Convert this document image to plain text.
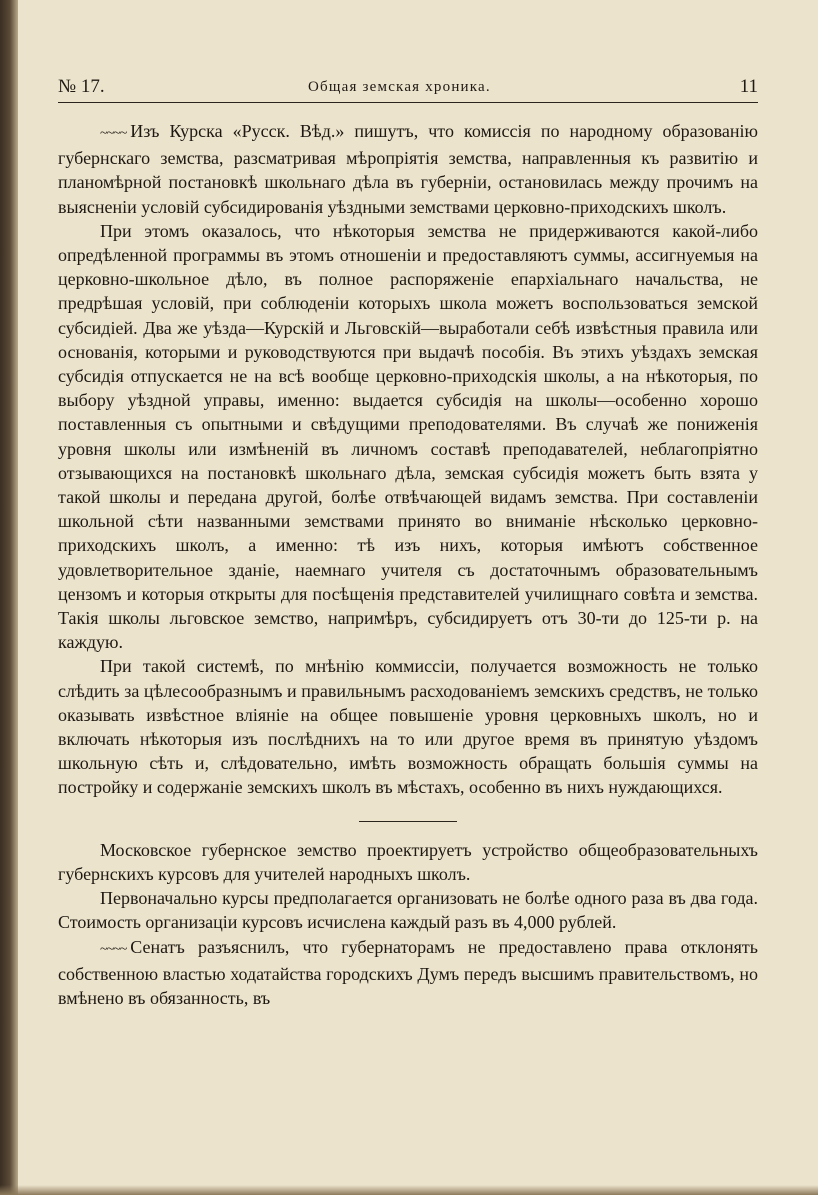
№ 17.	Общая земская хроника.	11

~~~~ Изъ Курска «Русск. Вѣд.» пишутъ, что комиссія по народному образованію губернскаго земства, разсматривая мѣропріятія земства, направленныя къ развитію и планомѣрной постановкѣ школьнаго дѣла въ губерніи, остановилась между прочимъ на выясненіи условій субсидированія уѣздными земствами церковно-приходскихъ школъ.

При этомъ оказалось, что нѣкоторыя земства не придерживаются какой-либо опредѣленной программы въ этомъ отношеніи и предоставляютъ суммы, ассигнуемыя на церковно-школьное дѣло, въ полное распоряженіе епархіальнаго начальства, не предрѣшая условій, при соблюденіи которыхъ школа можетъ воспользоваться земской субсидіей. Два же уѣзда—Курскій и Льговскій—выработали себѣ извѣстныя правила или основанія, которыми и руководствуются при выдачѣ пособія. Въ этихъ уѣздахъ земская субсидія отпускается не на всѣ вообще церковно-приходскія школы, а на нѣкоторыя, по выбору уѣздной управы, именно: выдается субсидія на школы—особенно хорошо поставленныя съ опытными и свѣдущими преподователями. Въ случаѣ же пониженія уровня школы или измѣненій въ личномъ составѣ преподавателей, неблагопріятно отзывающихся на постановкѣ школьнаго дѣла, земская субсидія можетъ быть взята у такой школы и передана другой, болѣе отвѣчающей видамъ земства. При составленіи школьной сѣти названными земствами принято во вниманіе нѣсколько церковно-приходскихъ школъ, а именно: тѣ изъ нихъ, которыя имѣютъ собственное удовлетворительное зданіе, наемнаго учителя съ достаточнымъ образовательнымъ цензомъ и которыя открыты для посѣщенія представителей училищнаго совѣта и земства. Такія школы льговское земство, напримѣръ, субсидируетъ отъ 30-ти до 125-ти р. на каждую.

При такой системѣ, по мнѣнію коммиссіи, получается возможность не только слѣдить за цѣлесообразнымъ и правильнымъ расходованіемъ земскихъ средствъ, не только оказывать извѣстное вліяніе на общее повышеніе уровня церковныхъ школъ, но и включать нѣкоторыя изъ послѣднихъ на то или другое время въ принятую уѣздомъ школьную сѣть и, слѣдовательно, имѣть возможность обращать большія суммы на постройку и содержаніе земскихъ школъ въ мѣстахъ, особенно въ нихъ нуждающихся.

Московское губернское земство проектируетъ устройство общеобразовательныхъ губернскихъ курсовъ для учителей народныхъ школъ.

Первоначально курсы предполагается организовать не болѣе одного раза въ два года. Стоимость организаціи курсовъ исчислена каждый разъ въ 4,000 рублей.

~~~~ Сенатъ разъяснилъ, что губернаторамъ не предоставлено права отклонять собственною властью ходатайства городскихъ Думъ передъ высшимъ правительствомъ, но вмѣнено въ обязанность, въ
